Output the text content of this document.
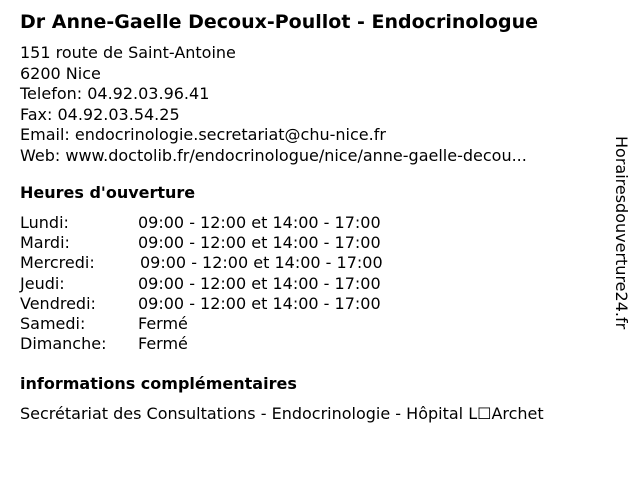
Dr Anne-Gaelle Decoux-Poullot - Endocrinologue
151 route de Saint-Antoine
6200 Nice
Telefon: 04.92.03.96.41
Fax: 04.92.03.54.25
Email: endocrinologie.secretariat@chu-nice.fr
Web: www.doctolib.fr/endocrinologue/nice/anne-gaelle-decou...
Heures d'ouverture
Lundi:	09:00 - 12:00 et 14:00 - 17:00
Mardi:	09:00 - 12:00 et 14:00 - 17:00
Mercredi:	09:00 - 12:00 et 14:00 - 17:00
Jeudi:	09:00 - 12:00 et 14:00 - 17:00
Vendredi:	09:00 - 12:00 et 14:00 - 17:00
Samedi:	Fermé
Dimanche: Fermé
informations complémentaires
Secrétariat des Consultations - Endocrinologie - Hôpital L☐Archet
Horairesdouverture24.fr
